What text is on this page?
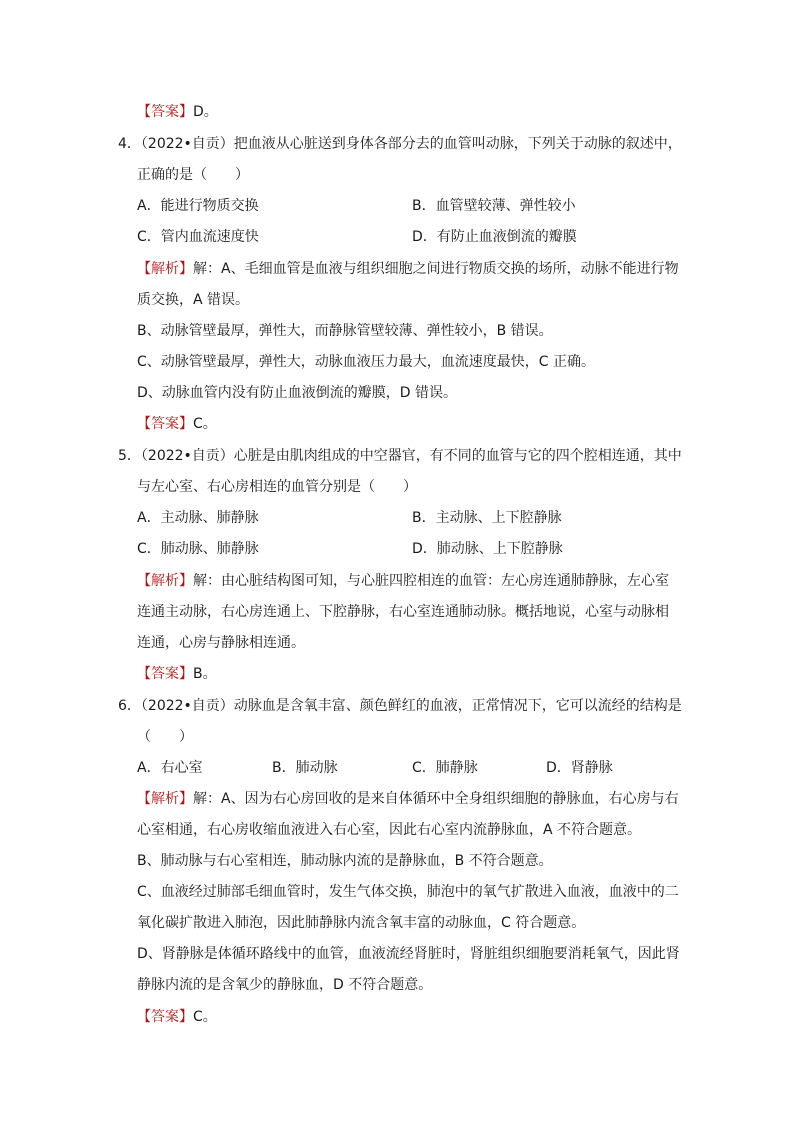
【答案】D。
4．（2022•自贡）把血液从心脏送到身体各部分去的血管叫动脉，下列关于动脉的叙述中，
正确的是（　　）
A．能进行物质交换	B．血管壁较薄、弹性较小
C．管内血流速度快	D．有防止血液倒流的瓣膜
【解析】解：A、毛细血管是血液与组织细胞之间进行物质交换的场所，动脉不能进行物
质交换，A 错误。
B、动脉管壁最厚，弹性大，而静脉管壁较薄、弹性较小，B 错误。
C、动脉管壁最厚，弹性大，动脉血液压力最大，血流速度最快，C 正确。
D、动脉血管内没有防止血液倒流的瓣膜，D 错误。
【答案】C。
5．（2022•自贡）心脏是由肌肉组成的中空器官，有不同的血管与它的四个腔相连通，其中
与左心室、右心房相连的血管分别是（　　）
A．主动脉、肺静脉	B．主动脉、上下腔静脉
C．肺动脉、肺静脉	D．肺动脉、上下腔静脉
【解析】解：由心脏结构图可知，与心脏四腔相连的血管：左心房连通肺静脉，左心室
连通主动脉，右心房连通上、下腔静脉，右心室连通肺动脉。概括地说，心室与动脉相
连通，心房与静脉相连通。
【答案】B。
6．（2022•自贡）动脉血是含氧丰富、颜色鲜红的血液，正常情况下，它可以流经的结构是
（　　）
A．右心室	B．肺动脉	C．肺静脉	D．肾静脉
【解析】解：A、因为右心房回收的是来自体循环中全身组织细胞的静脉血，右心房与右
心室相通，右心房收缩血液进入右心室，因此右心室内流静脉血，A 不符合题意。
B、肺动脉与右心室相连，肺动脉内流的是静脉血，B 不符合题意。
C、血液经过肺部毛细血管时，发生气体交换，肺泡中的氧气扩散进入血液，血液中的二
氧化碳扩散进入肺泡，因此肺静脉内流含氧丰富的动脉血，C 符合题意。
D、肾静脉是体循环路线中的血管，血液流经肾脏时，肾脏组织细胞要消耗氧气，因此肾
静脉内流的是含氧少的静脉血，D 不符合题意。
【答案】C。
